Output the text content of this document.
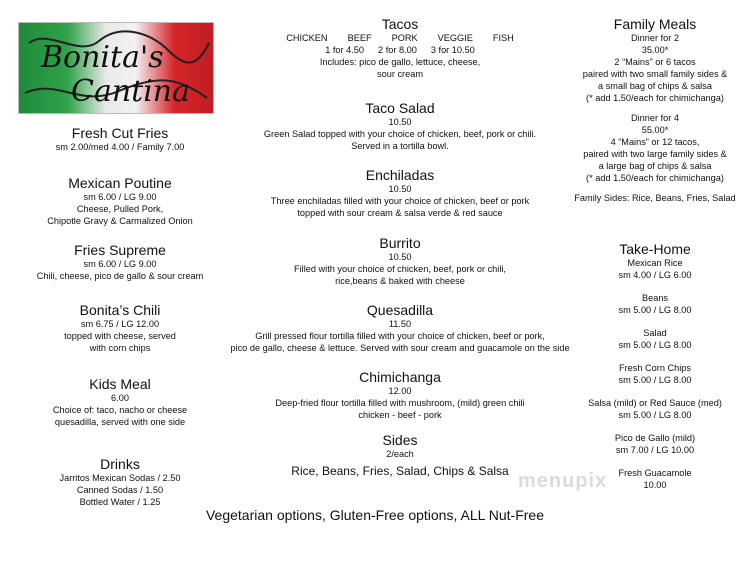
Bonita's
Cantina

Fresh Cut Fries

sm 2.00/med 4.00 / Family 7.00

Mexican Poutine

sm 6.00 / LG 9.00

Cheese, Pulled Pork,

Chipotle Gravy & Carmalized Onion

Fries Supreme

sm 6.00 / LG 9.00

Chili, cheese, pico de gallo & sour cream

Bonita’s Chili

sm 6.75 / LG 12.00

topped with cheese, served

with corn chips

Kids Meal

6.00

Choice of: taco, nacho or cheese

quesadilla, served with one side

Drinks

Jarritos Mexican Sodas / 2.50

Canned Sodas / 1.50

Bottled Water / 1.25

Tacos

CHICKEN BEEF PORK VEGGIE FISH
1 for 4.50 2 for 8.00 3 for 10.50

Includes: pico de gallo, lettuce, cheese,

sour cream

Taco Salad

10.50

Green Salad topped with your choice of chicken, beef, pork or chili.

Served in a tortilla bowl.

Enchiladas

10.50

Three enchiladas filled with your choice of chicken, beef or pork

topped with sour cream & salsa verde & red sauce

Burrito

10.50

Filled with your choice of chicken, beef, pork or chili,

rice,beans & baked with cheese

Quesadilla

11.50

Grill pressed flour tortilla filled with your choice of chicken, beef or pork,

pico de gallo, cheese & lettuce. Served with sour cream and guacamole on the side

Chimichanga

12.00

Deep-fried flour tortilla filled with mushroom, (mild) green chili

chicken - beef - pork

Sides

2/each

Rice, Beans, Fries, Salad, Chips & Salsa

Family Meals

Dinner for 2

35.00*

2 “Mains” or 6 tacos

paired with two small family sides &

a small bag of chips & salsa

(* add 1.50/each for chimichanga)

Dinner for 4

55.00*

4 “Mains” or 12 tacos,

paired with two large family sides &

a large bag of chips & salsa

(* add 1.50/each for chimichanga)

Family Sides: Rice, Beans, Fries, Salad

Take-Home

Mexican Rice

sm 4.00 / LG 6.00

Beans

sm 5.00 / LG 8.00

Salad

sm 5.00 / LG 8.00

Fresh Corn Chips

sm 5.00 / LG 8.00

Salsa (mild) or Red Sauce (med)

sm 5.00 / LG 8.00

Pico de Gallo (mild)

sm 7.00 / LG 10.00

Fresh Guacamole

10.00

menupix
Vegetarian options, Gluten-Free options, ALL Nut-Free
